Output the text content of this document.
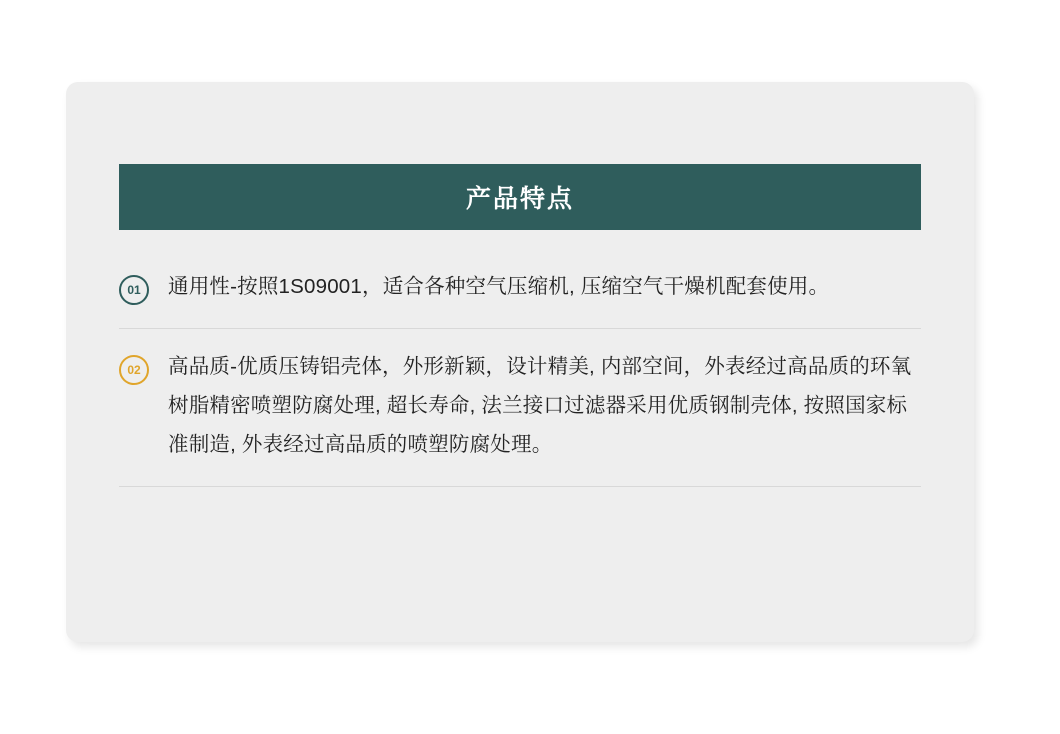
产品特点
01	通用性-按照1S09001，适合各种空气压缩机, 压缩空气干燥机配套使用。
02	高品质-优质压铸铝壳体，外形新颖，设计精美, 内部空间，外表经过高品质的环氧树脂精密喷塑防腐处理, 超长寿命, 法兰接口过滤器采用优质钢制壳体, 按照国家标准制造, 外表经过高品质的喷塑防腐处理。
